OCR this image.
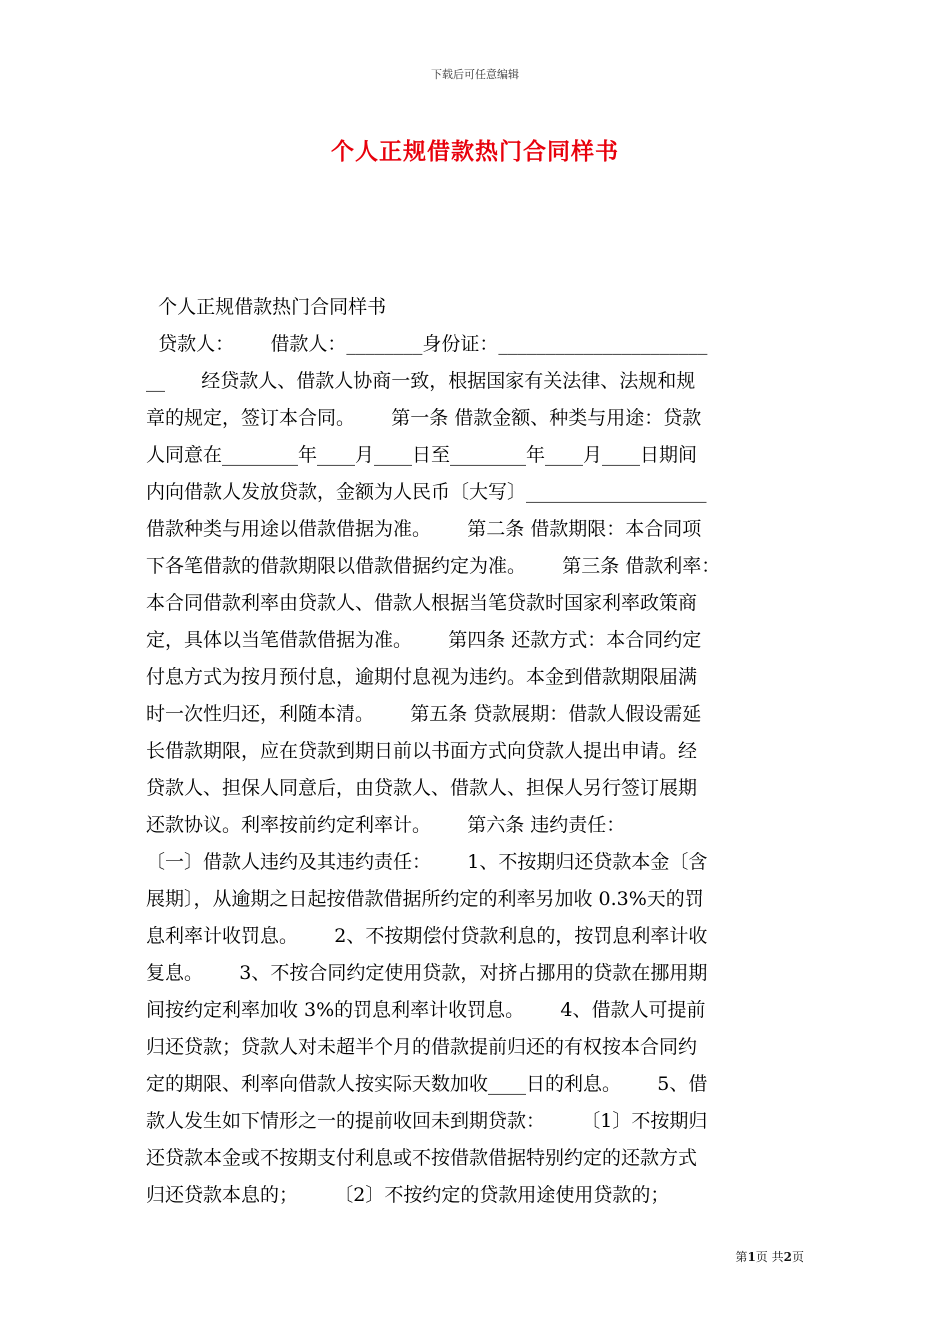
下载后可任意编辑
个人正规借款热门合同样书
个人正规借款热门合同样书
贷款人：      借款人：________身份证：______________________
__      经贷款人、借款人协商一致，根据国家有关法律、法规和规
章的规定，签订本合同。      第一条 借款金额、种类与用途：贷款
人同意在________年____月____日至________年____月____日期间
内向借款人发放贷款，金额为人民币〔大写〕___________________
借款种类与用途以借款借据为准。      第二条 借款期限：本合同项
下各笔借款的借款期限以借款借据约定为准。      第三条 借款利率：
本合同借款利率由贷款人、借款人根据当笔贷款时国家利率政策商
定，具体以当笔借款借据为准。      第四条 还款方式：本合同约定
付息方式为按月预付息，逾期付息视为违约。本金到借款期限届满
时一次性归还，利随本清。      第五条 贷款展期：借款人假设需延
长借款期限，应在贷款到期日前以书面方式向贷款人提出申请。经
贷款人、担保人同意后，由贷款人、借款人、担保人另行签订展期
还款协议。利率按前约定利率计。      第六条 违约责任：
〔一〕借款人违约及其违约责任：      1、不按期归还贷款本金〔含
展期〕，从逾期之日起按借款借据所约定的利率另加收 0.3%天的罚
息利率计收罚息。      2、不按期偿付贷款利息的，按罚息利率计收
复息。      3、不按合同约定使用贷款，对挤占挪用的贷款在挪用期
间按约定利率加收 3%的罚息利率计收罚息。      4、借款人可提前
归还贷款；贷款人对未超半个月的借款提前归还的有权按本合同约
定的期限、利率向借款人按实际天数加收____日的利息。      5、借
款人发生如下情形之一的提前收回未到期贷款：      〔1〕不按期归
还贷款本金或不按期支付利息或不按借款借据特别约定的还款方式
归还贷款本息的；      〔2〕不按约定的贷款用途使用贷款的；
第1页 共2页
